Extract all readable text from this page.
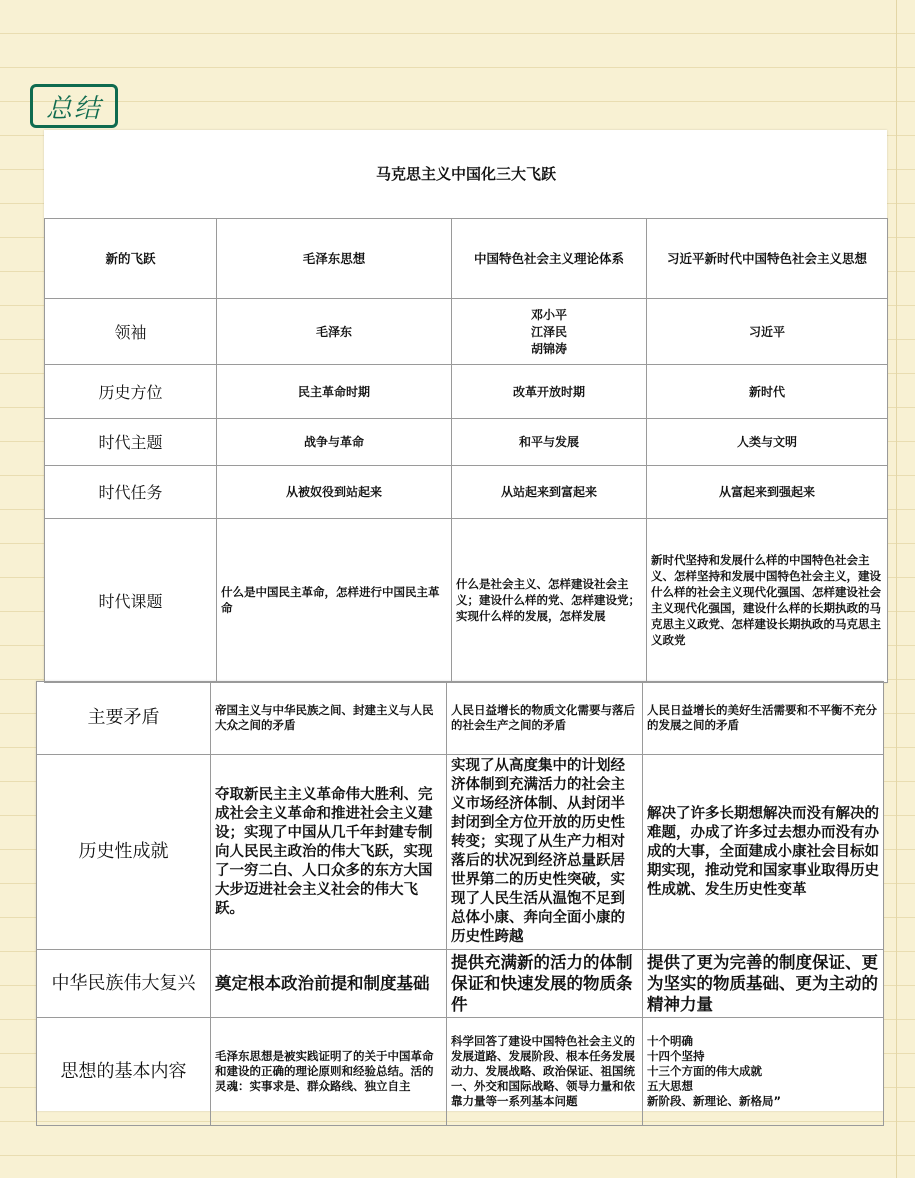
总结
马克思主义中国化三大飞跃			
新的飞跃	毛泽东思想	中国特色社会主义理论体系	习近平新时代中国特色社会主义思想
领袖	毛泽东	邓小平
江泽民
胡锦涛	习近平
历史方位	民主革命时期	改革开放时期	新时代
时代主题	战争与革命	和平与发展	人类与文明
时代任务	从被奴役到站起来	从站起来到富起来	从富起来到强起来
时代课题	什么是中国民主革命，怎样进行中国民主革命	什么是社会主义、怎样建设社会主义；建设什么样的党、怎样建设党；实现什么样的发展，怎样发展	新时代坚持和发展什么样的中国特色社会主义、怎样坚持和发展中国特色社会主义，建设什么样的社会主义现代化强国、怎样建设社会主义现代化强国，建设什么样的长期执政的马克思主义政党、怎样建设长期执政的马克思主义政党
主要矛盾	帝国主义与中华民族之间、封建主义与人民大众之间的矛盾	人民日益增长的物质文化需要与落后的社会生产之间的矛盾	人民日益增长的美好生活需要和不平衡不充分的发展之间的矛盾
历史性成就	夺取新民主主义革命伟大胜利、完成社会主义革命和推进社会主义建设；实现了中国从几千年封建专制向人民民主政治的伟大飞跃，实现了一穷二白、人口众多的东方大国大步迈进社会主义社会的伟大飞跃。	实现了从高度集中的计划经济体制到充满活力的社会主义市场经济体制、从封闭半封闭到全方位开放的历史性转变；实现了从生产力相对落后的状况到经济总量跃居世界第二的历史性突破，实现了人民生活从温饱不足到总体小康、奔向全面小康的历史性跨越	解决了许多长期想解决而没有解决的难题，办成了许多过去想办而没有办成的大事，全面建成小康社会目标如期实现，推动党和国家事业取得历史性成就、发生历史性变革
中华民族伟大复兴	奠定根本政治前提和制度基础	提供充满新的活力的体制保证和快速发展的物质条件	提供了更为完善的制度保证、更为坚实的物质基础、更为主动的精神力量
思想的基本内容	毛泽东思想是被实践证明了的关于中国革命和建设的正确的理论原则和经验总结。活的灵魂：实事求是、群众路线、独立自主	科学回答了建设中国特色社会主义的发展道路、发展阶段、根本任务发展动力、发展战略、政治保证、祖国统一、外交和国际战略、领导力量和依靠力量等一系列基本问题	十个明确
十四个坚持
十三个方面的伟大成就
五大思想
新阶段、新理论、新格局”
